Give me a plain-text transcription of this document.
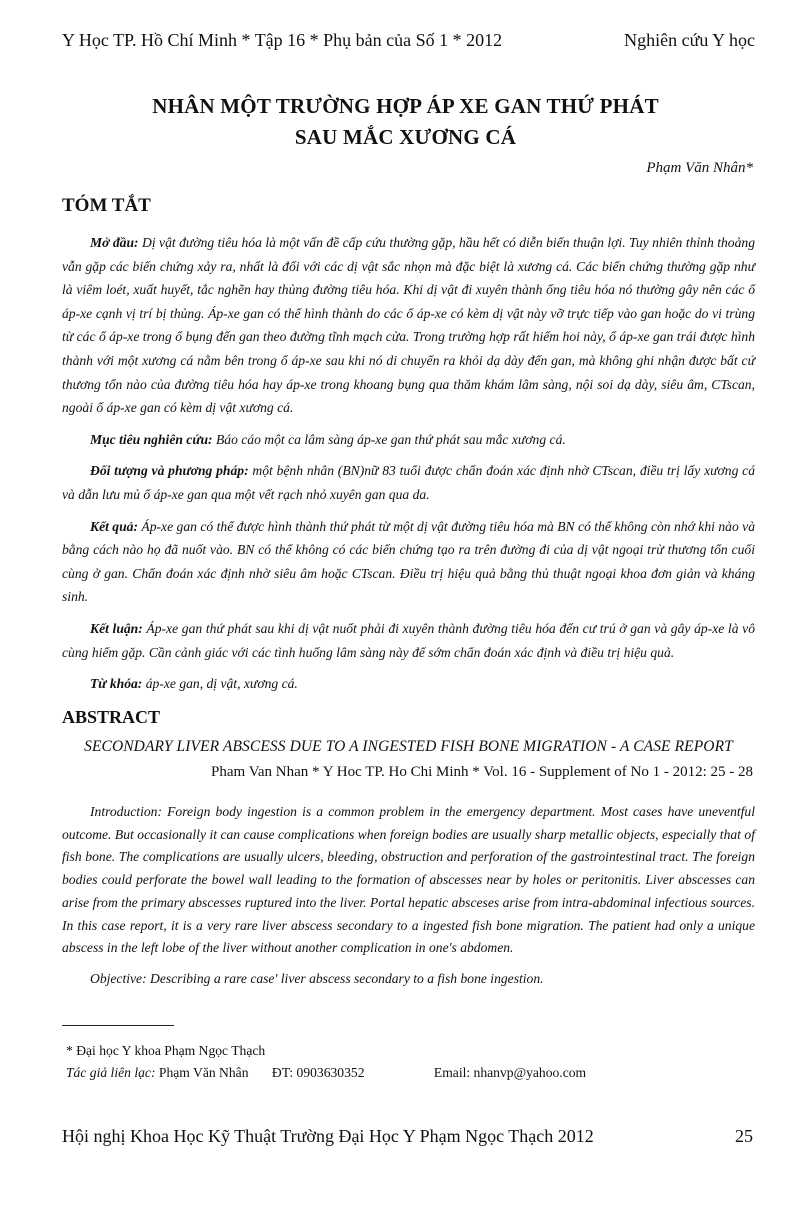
Y Học TP. Hồ Chí Minh * Tập 16 * Phụ bản của Số 1 * 2012	Nghiên cứu Y học
NHÂN MỘT TRƯỜNG HỢP ÁP XE GAN THỨ PHÁT
SAU MẮC XƯƠNG CÁ
Phạm Văn Nhân*
TÓM TẮT

Mở đầu: Dị vật đường tiêu hóa là một vấn đề cấp cứu thường gặp, hầu hết có diễn biến thuận lợi. Tuy nhiên thỉnh thoảng vẫn gặp các biến chứng xảy ra, nhất là đối với các dị vật sắc nhọn mà đặc biệt là xương cá. Các biến chứng thường gặp như là viêm loét, xuất huyết, tắc nghẽn hay thủng đường tiêu hóa. Khi dị vật đi xuyên thành ống tiêu hóa nó thường gây nên các ổ áp-xe cạnh vị trí bị thủng. Áp-xe gan có thể hình thành do các ổ áp-xe có kèm dị vật này vỡ trực tiếp vào gan hoặc do vi trùng từ các ổ áp-xe trong ổ bụng đến gan theo đường tĩnh mạch cửa. Trong trường hợp rất hiếm hoi này, ổ áp-xe gan trái được hình thành với một xương cá nằm bên trong ổ áp-xe sau khi nó di chuyển ra khỏi dạ dày đến gan, mà không ghi nhận được bất cứ thương tổn nào của đường tiêu hóa hay áp-xe trong khoang bụng qua thăm khám lâm sàng, nội soi dạ dày, siêu âm, CTscan, ngoài ổ áp-xe gan có kèm dị vật xương cá.

Mục tiêu nghiên cứu: Báo cáo một ca lâm sàng áp-xe gan thứ phát sau mắc xương cá.

Đối tượng và phương pháp: một bệnh nhân (BN)nữ 83 tuổi được chẩn đoán xác định nhờ CTscan, điều trị lấy xương cá và dẫn lưu mủ ổ áp-xe gan qua một vết rạch nhỏ xuyên gan qua da.

Kết quả: Áp-xe gan có thể được hình thành thứ phát từ một dị vật đường tiêu hóa mà BN có thể không còn nhớ khi nào và bằng cách nào họ đã nuốt vào. BN có thể không có các biến chứng tạo ra trên đường đi của dị vật ngoại trừ thương tổn cuối cùng ở gan. Chẩn đoán xác định nhờ siêu âm hoặc CTscan. Điều trị hiệu quả bằng thủ thuật ngoại khoa đơn giản và kháng sinh.

Kết luận: Áp-xe gan thứ phát sau khi dị vật nuốt phải đi xuyên thành đường tiêu hóa đến cư trú ở gan và gây áp-xe là vô cùng hiếm gặp. Cần cảnh giác với các tình huống lâm sàng này để sớm chẩn đoán xác định và điều trị hiệu quả.

Từ khóa: áp-xe gan, dị vật, xương cá.

ABSTRACT
SECONDARY LIVER ABSCESS DUE TO A INGESTED FISH BONE MIGRATION - A CASE REPORT
Pham Van Nhan * Y Hoc TP. Ho Chi Minh * Vol. 16 - Supplement of No 1 - 2012: 25 - 28

Introduction: Foreign body ingestion is a common problem in the emergency department. Most cases have uneventful outcome. But occasionally it can cause complications when foreign bodies are usually sharp metallic objects, especially that of fish bone. The complications are usually ulcers, bleeding, obstruction and perforation of the gastrointestinal tract. The foreign bodies could perforate the bowel wall leading to the formation of abscesses near by holes or peritonitis. Liver abscesses can arise from the primary abscesses ruptured into the liver. Portal hepatic absceses arise from intra-abdominal infectious sources. In this case report, it is a very rare liver abscess secondary to a ingested fish bone migration. The patient had only a unique abscess in the left lobe of the liver without another complication in one's abdomen.

Objective: Describing a rare case' liver abscess secondary to a fish bone ingestion.

* Đại học Y khoa Phạm Ngọc Thạch
Tác giả liên lạc: Phạm Văn Nhân ĐT: 0903630352	Email: nhanvp@yahoo.com
Hội nghị Khoa Học Kỹ Thuật Trường Đại Học Y Phạm Ngọc Thạch 2012	25
